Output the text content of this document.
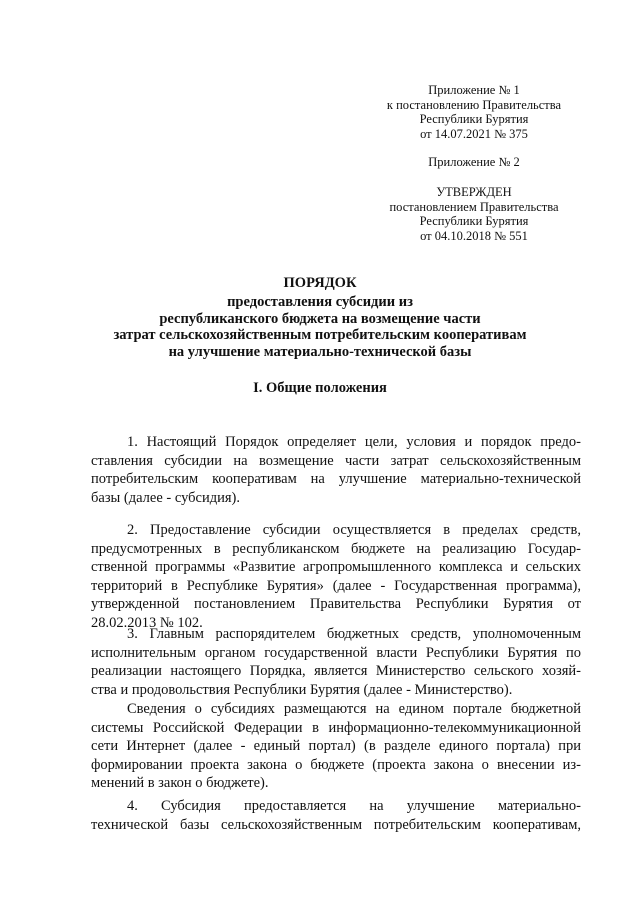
Приложение № 1
к постановлению Правительства
Республики Бурятия
от 14.07.2021 № 375
Приложение № 2
УТВЕРЖДЕН
постановлением Правительства
Республики Бурятия
от 04.10.2018 № 551
ПОРЯДОК
предоставления субсидии из
республиканского бюджета на возмещение части
затрат сельскохозяйственным потребительским кооперативам
на улучшение материально-технической базы
I. Общие положения
1. Настоящий Порядок определяет цели, условия и порядок предо-
ставления субсидии на возмещение части затрат сельскохозяйственным
потребительским кооперативам на улучшение материально-технической
базы (далее - субсидия).
2. Предоставление субсидии осуществляется в пределах средств,
предусмотренных в республиканском бюджете на реализацию Государ-
ственной программы «Развитие агропромышленного комплекса и сельских
территорий в Республике Бурятия» (далее - Государственная программа),
утвержденной постановлением Правительства Республики Бурятия от
28.02.2013 № 102.
3. Главным распорядителем бюджетных средств, уполномоченным
исполнительным органом государственной власти Республики Бурятия по
реализации настоящего Порядка, является Министерство сельского хозяй-
ства и продовольствия Республики Бурятия (далее - Министерство).
Сведения о субсидиях размещаются на едином портале бюджетной
системы Российской Федерации в информационно-телекоммуникационной
сети Интернет (далее - единый портал) (в разделе единого портала) при
формировании проекта закона о бюджете (проекта закона о внесении из-
менений в закон о бюджете).
4. Субсидия предоставляется на улучшение материально-
технической базы сельскохозяйственным потребительским кооперативам,
